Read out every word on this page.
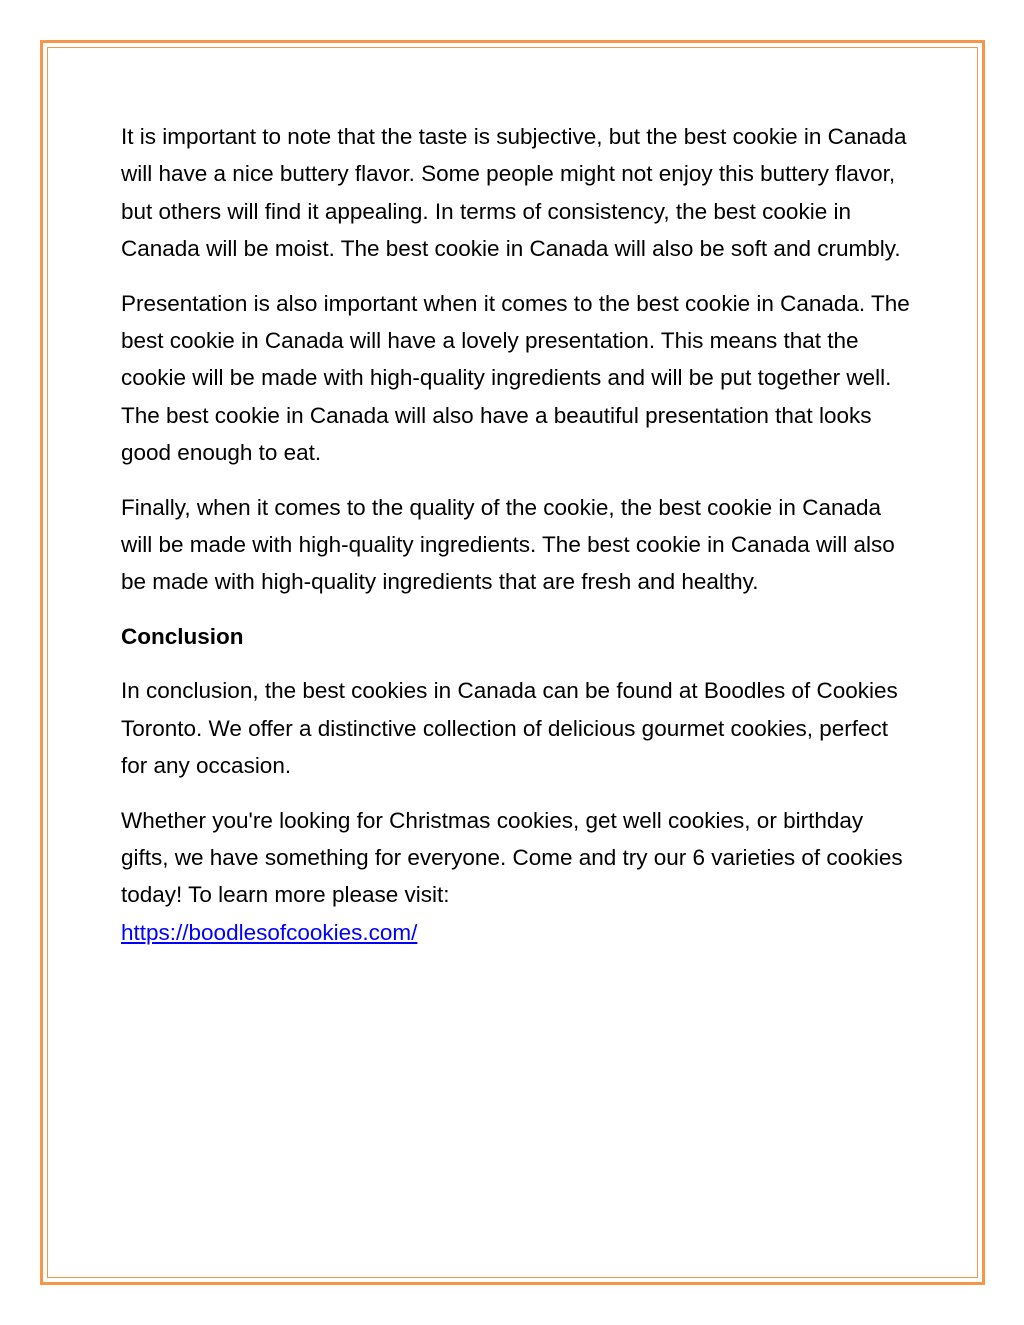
It is important to note that the taste is subjective, but the best cookie in Canada will have a nice buttery flavor. Some people might not enjoy this buttery flavor, but others will find it appealing. In terms of consistency, the best cookie in Canada will be moist. The best cookie in Canada will also be soft and crumbly.

Presentation is also important when it comes to the best cookie in Canada. The best cookie in Canada will have a lovely presentation. This means that the cookie will be made with high-quality ingredients and will be put together well. The best cookie in Canada will also have a beautiful presentation that looks good enough to eat.

Finally, when it comes to the quality of the cookie, the best cookie in Canada will be made with high-quality ingredients. The best cookie in Canada will also be made with high-quality ingredients that are fresh and healthy.

Conclusion

In conclusion, the best cookies in Canada can be found at Boodles of Cookies Toronto. We offer a distinctive collection of delicious gourmet cookies, perfect for any occasion.

Whether you're looking for Christmas cookies, get well cookies, or birthday gifts, we have something for everyone. Come and try our 6 varieties of cookies today! To learn more please visit:
https://boodlesofcookies.com/
